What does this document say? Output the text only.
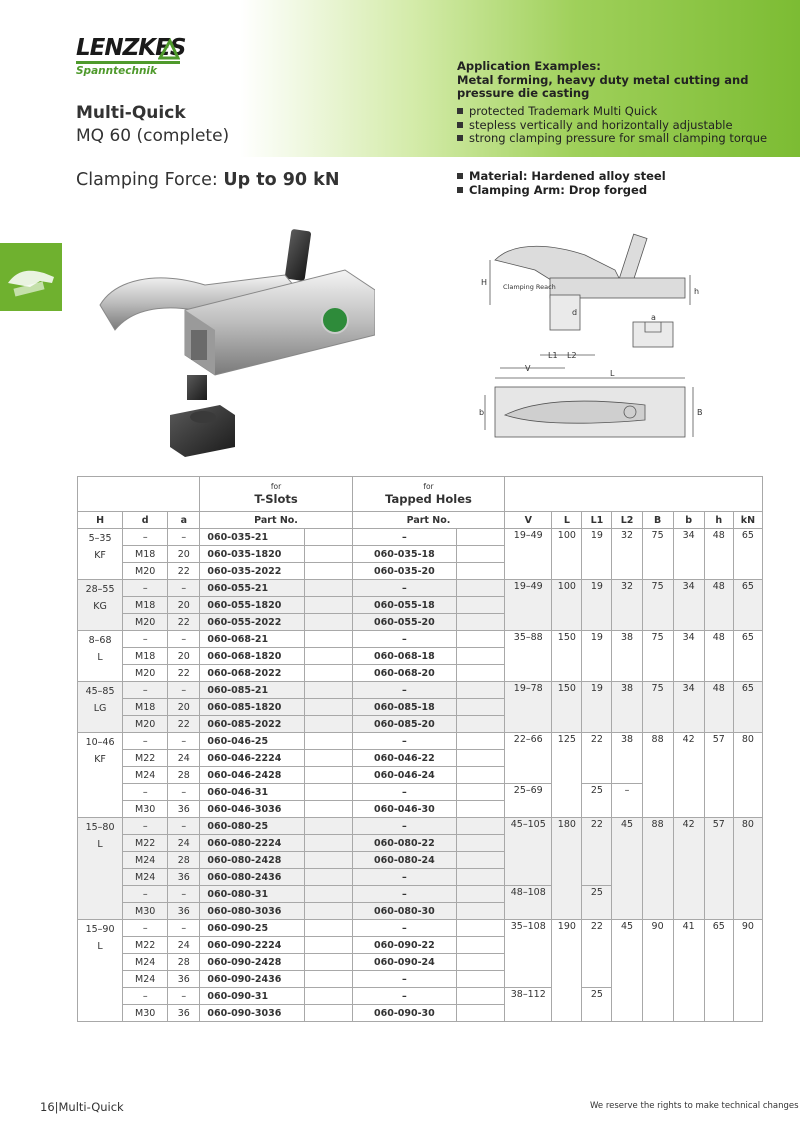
LENZKES
Spanntechnik
Multi-Quick
MQ 60 (complete)
Application Examples:
Metal forming, heavy duty metal cutting and
pressure die casting
protected Trademark Multi Quick
stepless vertically and horizontally adjustable
strong clamping pressure for small clamping torque
Material: Hardened alloy steel
Clamping Arm: Drop forged
Clamping Force: Up to 90 kN
H Clamping Reach
d
h
a
L1 L2
V
L
b	B

			for
T-Slots		for
Tapped Holes									

H	d	a	Part No.		Part No.		V	L	L1	L2	B	b	h	kN

5–35
KF	–	–	060-035-21		–		19–49	100	19	32	75	34	48	65
	M18	20	060-035-1820		060-035-18									
	M20	22	060-035-2022		060-035-20									

28–55
KG	–	–	060-055-21		–		19–49	100	19	32	75	34	48	65
	M18	20	060-055-1820		060-055-18									
	M20	22	060-055-2022		060-055-20									

8–68
L	–	–	060-068-21		–		35–88	150	19	38	75	34	48	65
	M18	20	060-068-1820		060-068-18									
	M20	22	060-068-2022		060-068-20									

45–85
LG	–	–	060-085-21		–		19–78	150	19	38	75	34	48	65
	M18	20	060-085-1820		060-085-18									
	M20	22	060-085-2022		060-085-20									

10–46
KF	–	–	060-046-25		–		22–66	125	22	38	88	42	57	80
	M22	24	060-046-2224		060-046-22									
	M24	28	060-046-2428		060-046-24									
	–	–	060-046-31		–		25–69		25	–				
	M30	36	060-046-3036		060-046-30									

15–80
L	–	–	060-080-25		–		45–105	180	22	45	88	42	57	80
	M22	24	060-080-2224		060-080-22									
	M24	28	060-080-2428		060-080-24									
	M24	36	060-080-2436		–									
	–	–	060-080-31		–		48–108		25					
	M30	36	060-080-3036		060-080-30									

15–90
L	–	–	060-090-25		–		35–108	190	22	45	90	41	65	90
	M22	24	060-090-2224		060-090-22									
	M24	28	060-090-2428		060-090-24									
	M24	36	060-090-2436		–									
	–	–	060-090-31		–		38–112		25					
	M30	36	060-090-3036		060-090-30									
16|Multi-Quick	We reserve the rights to make technical changes
